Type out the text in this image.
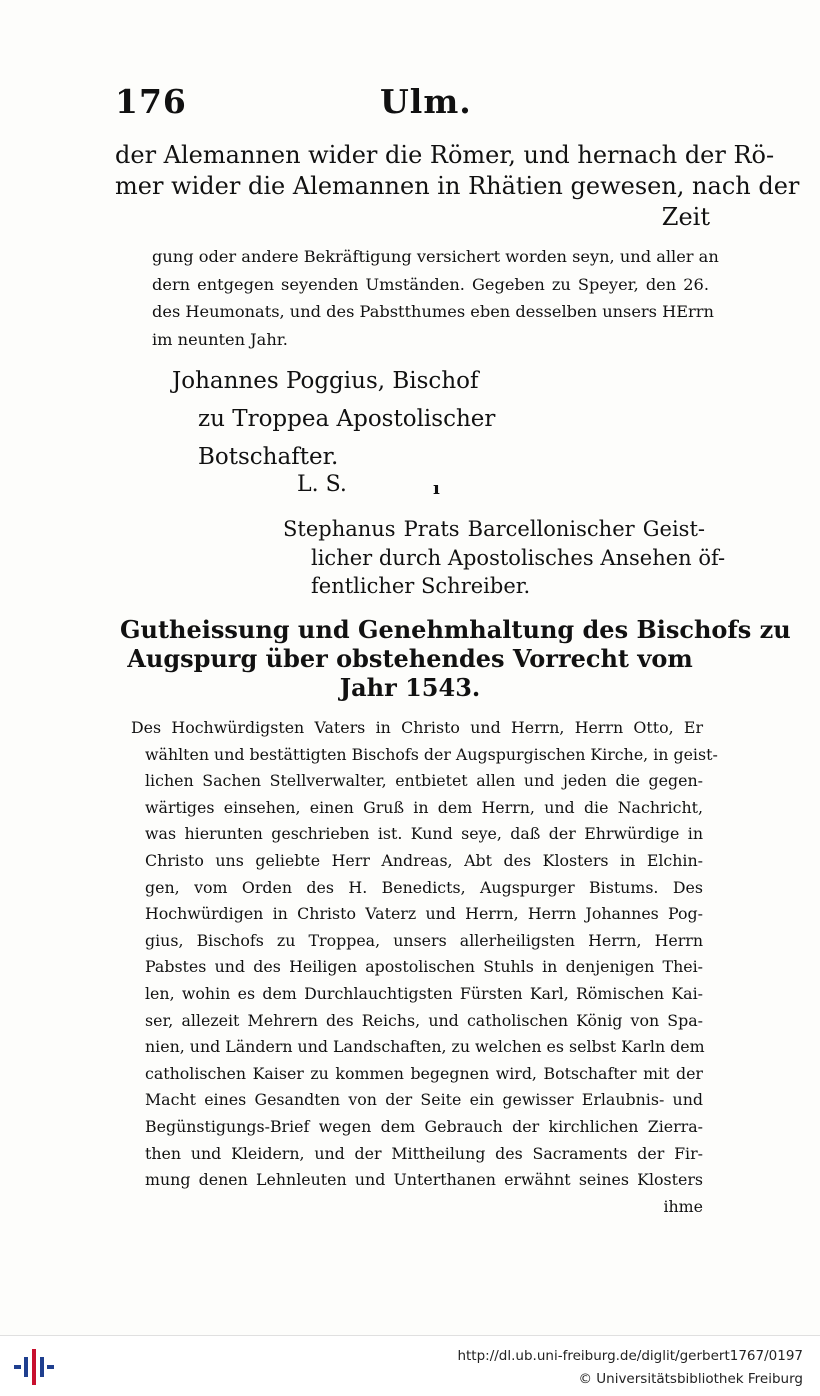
176	Ulm.
der Alemannen wider die Römer, und hernach der Rö-
mer wider die Alemannen in Rhätien gewesen, nach der
Zeit
gung oder andere Bekräftigung versichert worden seyn, und aller an
dern entgegen seyenden Umständen. Gegeben zu Speyer, den 26.
des Heumonats, und des Pabstthumes eben desselben unsers HErrn
im neunten Jahr.
Johannes Poggius, Bischof
zu Troppea Apostolischer
Botschafter.
L. S.	ı
Stephanus Prats Barcellonischer Geist-
licher durch Apostolisches Ansehen öf-
fentlicher Schreiber.
Gutheissung und Genehmhaltung des Bischofs zu
Augspurg über obstehendes Vorrecht vom
Jahr 1543.
Des Hochwürdigsten Vaters in Christo und Herrn, Herrn Otto, Er
wählten und bestättigten Bischofs der Augspurgischen Kirche, in geist-
lichen Sachen Stellverwalter, entbietet allen und jeden die gegen-
wärtiges einsehen, einen Gruß in dem Herrn, und die Nachricht,
was hierunten geschrieben ist. Kund seye, daß der Ehrwürdige in
Christo uns geliebte Herr Andreas, Abt des Klosters in Elchin-
gen, vom Orden des H. Benedicts, Augspurger Bistums. Des
Hochwürdigen in Christo Vaterz und Herrn, Herrn Johannes Pog-
gius, Bischofs zu Troppea, unsers allerheiligsten Herrn, Herrn
Pabstes und des Heiligen apostolischen Stuhls in denjenigen Thei-
len, wohin es dem Durchlauchtigsten Fürsten Karl, Römischen Kai-
ser, allezeit Mehrern des Reichs, und catholischen König von Spa-
nien, und Ländern und Landschaften, zu welchen es selbst Karln dem
catholischen Kaiser zu kommen begegnen wird, Botschafter mit der
Macht eines Gesandten von der Seite ein gewisser Erlaubnis- und
Begünstigungs-Brief wegen dem Gebrauch der kirchlichen Zierra-
then und Kleidern, und der Mittheilung des Sacraments der Fir-
mung denen Lehnleuten und Unterthanen erwähnt seines Klosters
ihme
http://dl.ub.uni-freiburg.de/diglit/gerbert1767/0197
© Universitätsbibliothek Freiburg
